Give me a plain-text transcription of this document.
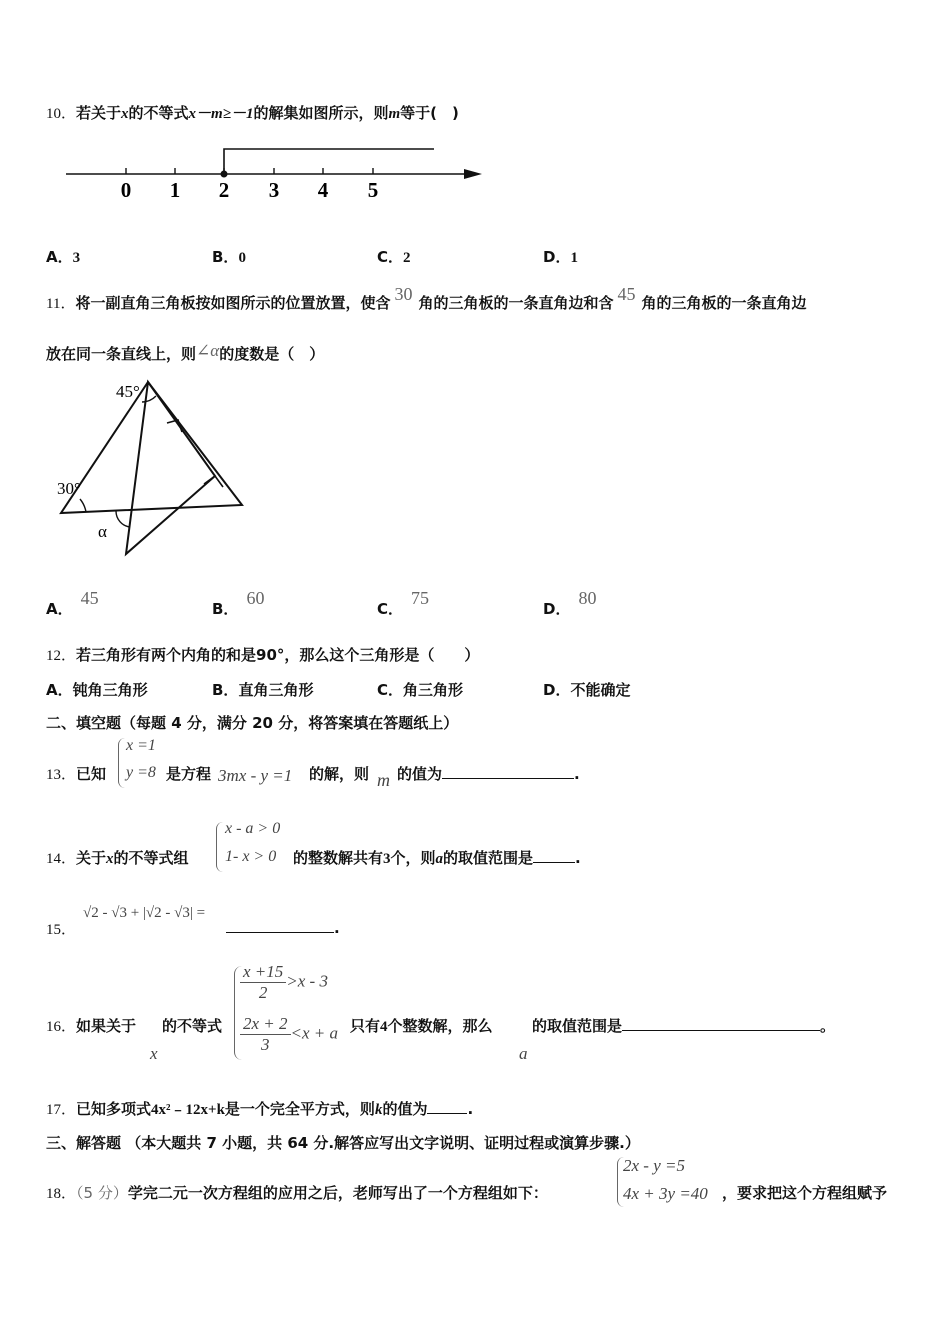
10．若关于x的不等式x－m≥－1的解集如图所示，则m等于(　)
0 1 2 3 4 5
A．3	B．0	C．2	D．1
11．将一副直角三角板按如图所示的位置放置，使含 30 角的三角板的一条直角边和含 45 角的三角板的一条直角边
放在同一条直线上，则∠α的度数是（　）
45°
30°
α
A．45
B．60
C．75
D．80
12．若三角形有两个内角的和是90°，那么这个三角形是（　　）
A．钝角三角形	B．直角三角形	C．角三角形	D．不能确定
二、填空题（每题 4 分，满分 20 分，将答案填在答题纸上）
13．已知
x =1
y =8 是方程 3mx - y =1 的解，则 m 的值为	.
14．关于x的不等式组
x - a > 0
1- x > 0 的整数解共有3个，则a的取值范围是	.
15．
√2 - √3 + |√2 - √3| =
.
16．如果关于
x
的不等式
$\frac{x +15}{2} >x - 3$
$\frac{2x + 2}{3} <x + a$ 只有4个整数解，那么
a
的取值范围是	。
17．已知多项式4x²﹣12x+k是一个完全平方式，则k的值为	.
三、解答题 （本大题共 7 小题，共 64 分.解答应写出文字说明、证明过程或演算步骤.）
18．（5 分）学完二元一次方程组的应用之后，老师写出了一个方程组如下：
2x - y =5
4x + 3y =40 ，要求把这个方程组赋予
